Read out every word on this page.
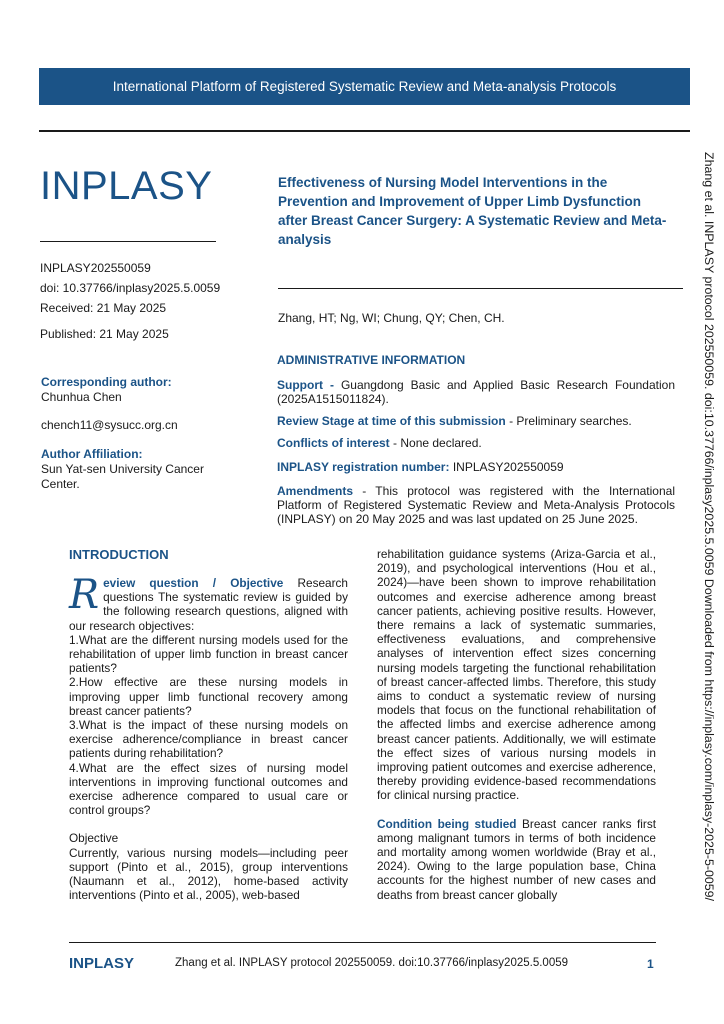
International Platform of Registered Systematic Review and Meta-analysis Protocols
INPLASY
INPLASY202550059
doi: 10.37766/inplasy2025.5.0059
Received: 21 May 2025
Published: 21 May 2025
Corresponding author:
Chunhua Chen
chench11@sysucc.org.cn
Author Affiliation:
Sun Yat-sen University Cancer Center.
Effectiveness of Nursing Model Interventions in the Prevention and Improvement of Upper Limb Dysfunction after Breast Cancer Surgery: A Systematic Review and Meta-analysis
Zhang, HT; Ng, WI; Chung, QY; Chen, CH.
ADMINISTRATIVE INFORMATION
Support - Guangdong Basic and Applied Basic Research Foundation (2025A1515011824).
Review Stage at time of this submission - Preliminary searches.
Conflicts of interest - None declared.
INPLASY registration number: INPLASY202550059
Amendments - This protocol was registered with the International Platform of Registered Systematic Review and Meta-Analysis Protocols (INPLASY) on 20 May 2025 and was last updated on 25 June 2025.
INTRODUCTION

Review question / Objective Research questions The systematic review is guided by the following research questions, aligned with our research objectives:

1.What are the different nursing models used for the rehabilitation of upper limb function in breast cancer patients?

2.How effective are these nursing models in improving upper limb functional recovery among breast cancer patients?

3.What is the impact of these nursing models on exercise adherence/compliance in breast cancer patients during rehabilitation?

4.What are the effect sizes of nursing model interventions in improving functional outcomes and exercise adherence compared to usual care or control groups?

Objective

Currently, various nursing models—including peer support (Pinto et al., 2015), group interventions (Naumann et al., 2012), home-based activity interventions (Pinto et al., 2005), web-based

rehabilitation guidance systems (Ariza-Garcia et al., 2019), and psychological interventions (Hou et al., 2024)—have been shown to improve rehabilitation outcomes and exercise adherence among breast cancer patients, achieving positive results. However, there remains a lack of systematic summaries, effectiveness evaluations, and comprehensive analyses of intervention effect sizes concerning nursing models targeting the functional rehabilitation of breast cancer-affected limbs. Therefore, this study aims to conduct a systematic review of nursing models that focus on the functional rehabilitation of the affected limbs and exercise adherence among breast cancer patients. Additionally, we will estimate the effect sizes of various nursing models in improving patient outcomes and exercise adherence, thereby providing evidence-based recommendations for clinical nursing practice.

Condition being studied Breast cancer ranks first among malignant tumors in terms of both incidence and mortality among women worldwide (Bray et al., 2024). Owing to the large population base, China accounts for the highest number of new cases and deaths from breast cancer globally	Zhang et al. INPLASY protocol 202550059. doi:10.37766/inplasy2025.5.0059 Downloaded from https://inplasy.com/inplasy-2025-5-0059/
INPLASY	Zhang et al. INPLASY protocol 202550059. doi:10.37766/inplasy2025.5.0059	1
